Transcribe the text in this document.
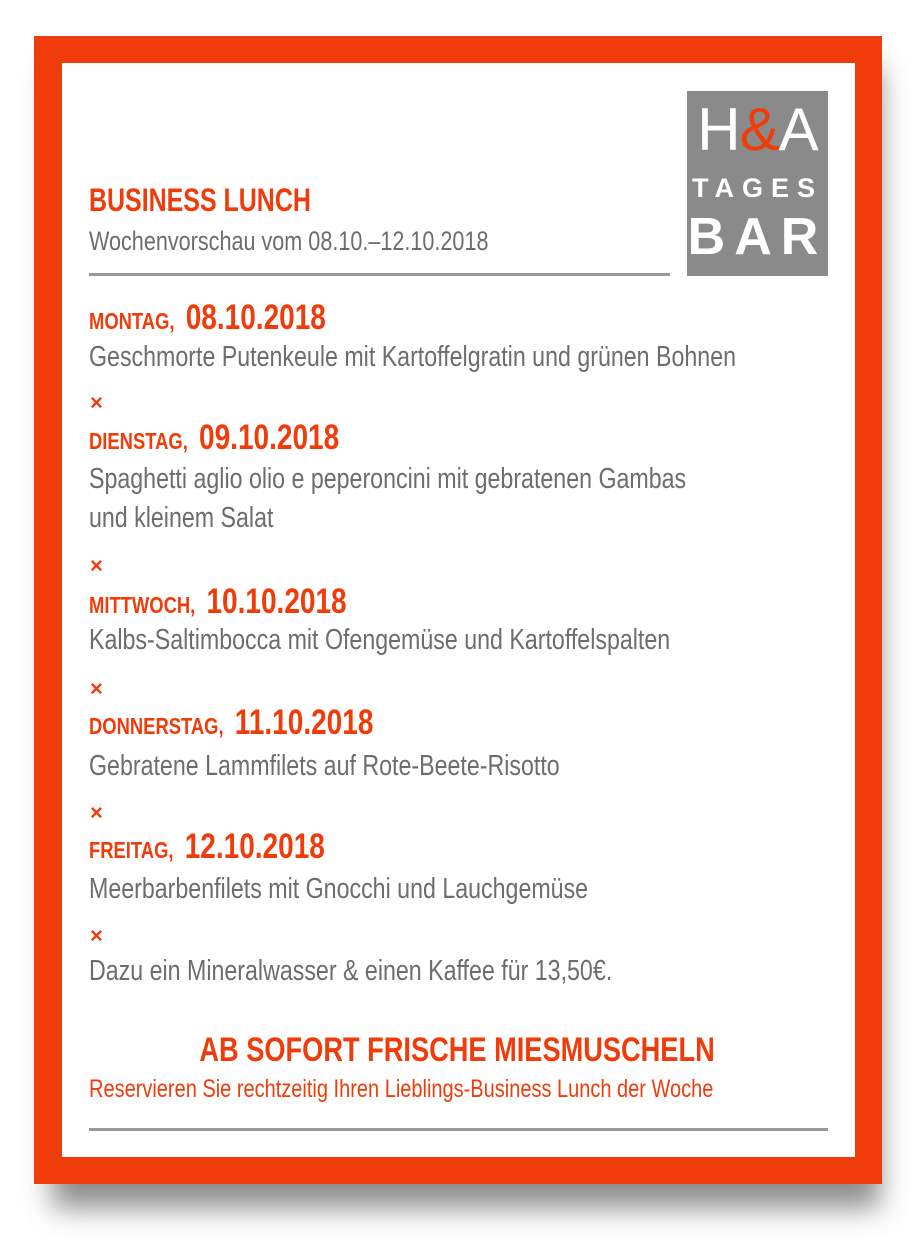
H&A
TAGES
BAR
BUSINESS LUNCH
Wochenvorschau vom 08.10.–12.10.2018
MONTAG, 08.10.2018
Geschmorte Putenkeule mit Kartoffelgratin und grünen Bohnen
×
DIENSTAG, 09.10.2018
Spaghetti aglio olio e peperoncini mit gebratenen Gambas
und kleinem Salat
×
MITTWOCH, 10.10.2018
Kalbs-Saltimbocca mit Ofengemüse und Kartoffelspalten
×
DONNERSTAG, 11.10.2018
Gebratene Lammfilets auf Rote-Beete-Risotto
×
FREITAG, 12.10.2018
Meerbarbenfilets mit Gnocchi und Lauchgemüse
×
Dazu ein Mineralwasser & einen Kaffee für 13,50€.
AB SOFORT FRISCHE MIESMUSCHELN
Reservieren Sie rechtzeitig Ihren Lieblings-Business Lunch der Woche
